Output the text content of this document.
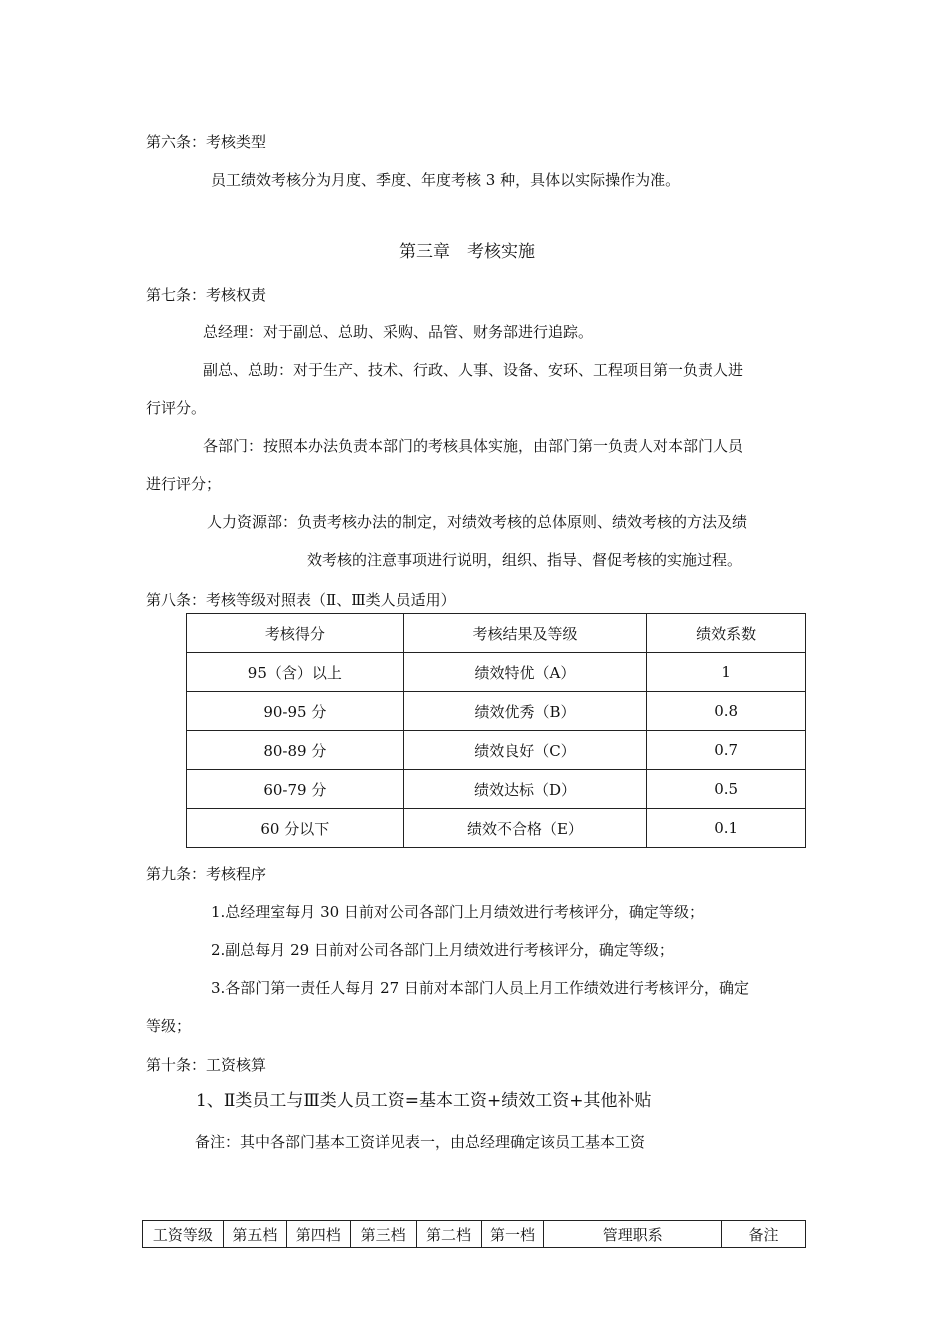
第六条：考核类型
员工绩效考核分为月度、季度、年度考核 3 种，具体以实际操作为准。
第三章　考核实施
第七条：考核权责
总经理：对于副总、总助、采购、品管、财务部进行追踪。
副总、总助：对于生产、技术、行政、人事、设备、安环、工程项目第一负责人进
行评分。
各部门：按照本办法负责本部门的考核具体实施，由部门第一负责人对本部门人员
进行评分；
人力资源部：负责考核办法的制定，对绩效考核的总体原则、绩效考核的方法及绩
效考核的注意事项进行说明，组织、指导、督促考核的实施过程。
第八条：考核等级对照表（Ⅱ、Ⅲ类人员适用）
考核得分	考核结果及等级	绩效系数
95（含）以上	绩效特优（A）	1
90-95 分	绩效优秀（B）	0.8
80-89 分	绩效良好（C）	0.7
60-79 分	绩效达标（D）	0.5
60 分以下	绩效不合格（E）	0.1
第九条：考核程序
1.总经理室每月 30 日前对公司各部门上月绩效进行考核评分，确定等级；
2.副总每月 29 日前对公司各部门上月绩效进行考核评分，确定等级；
3.各部门第一责任人每月 27 日前对本部门人员上月工作绩效进行考核评分，确定
等级；
第十条：工资核算
1、Ⅱ类员工与Ⅲ类人员工资=基本工资+绩效工资+其他补贴
备注：其中各部门基本工资详见表一，由总经理确定该员工基本工资
工资等级	第五档	第四档	第三档	第二档	第一档	管理职系	备注
